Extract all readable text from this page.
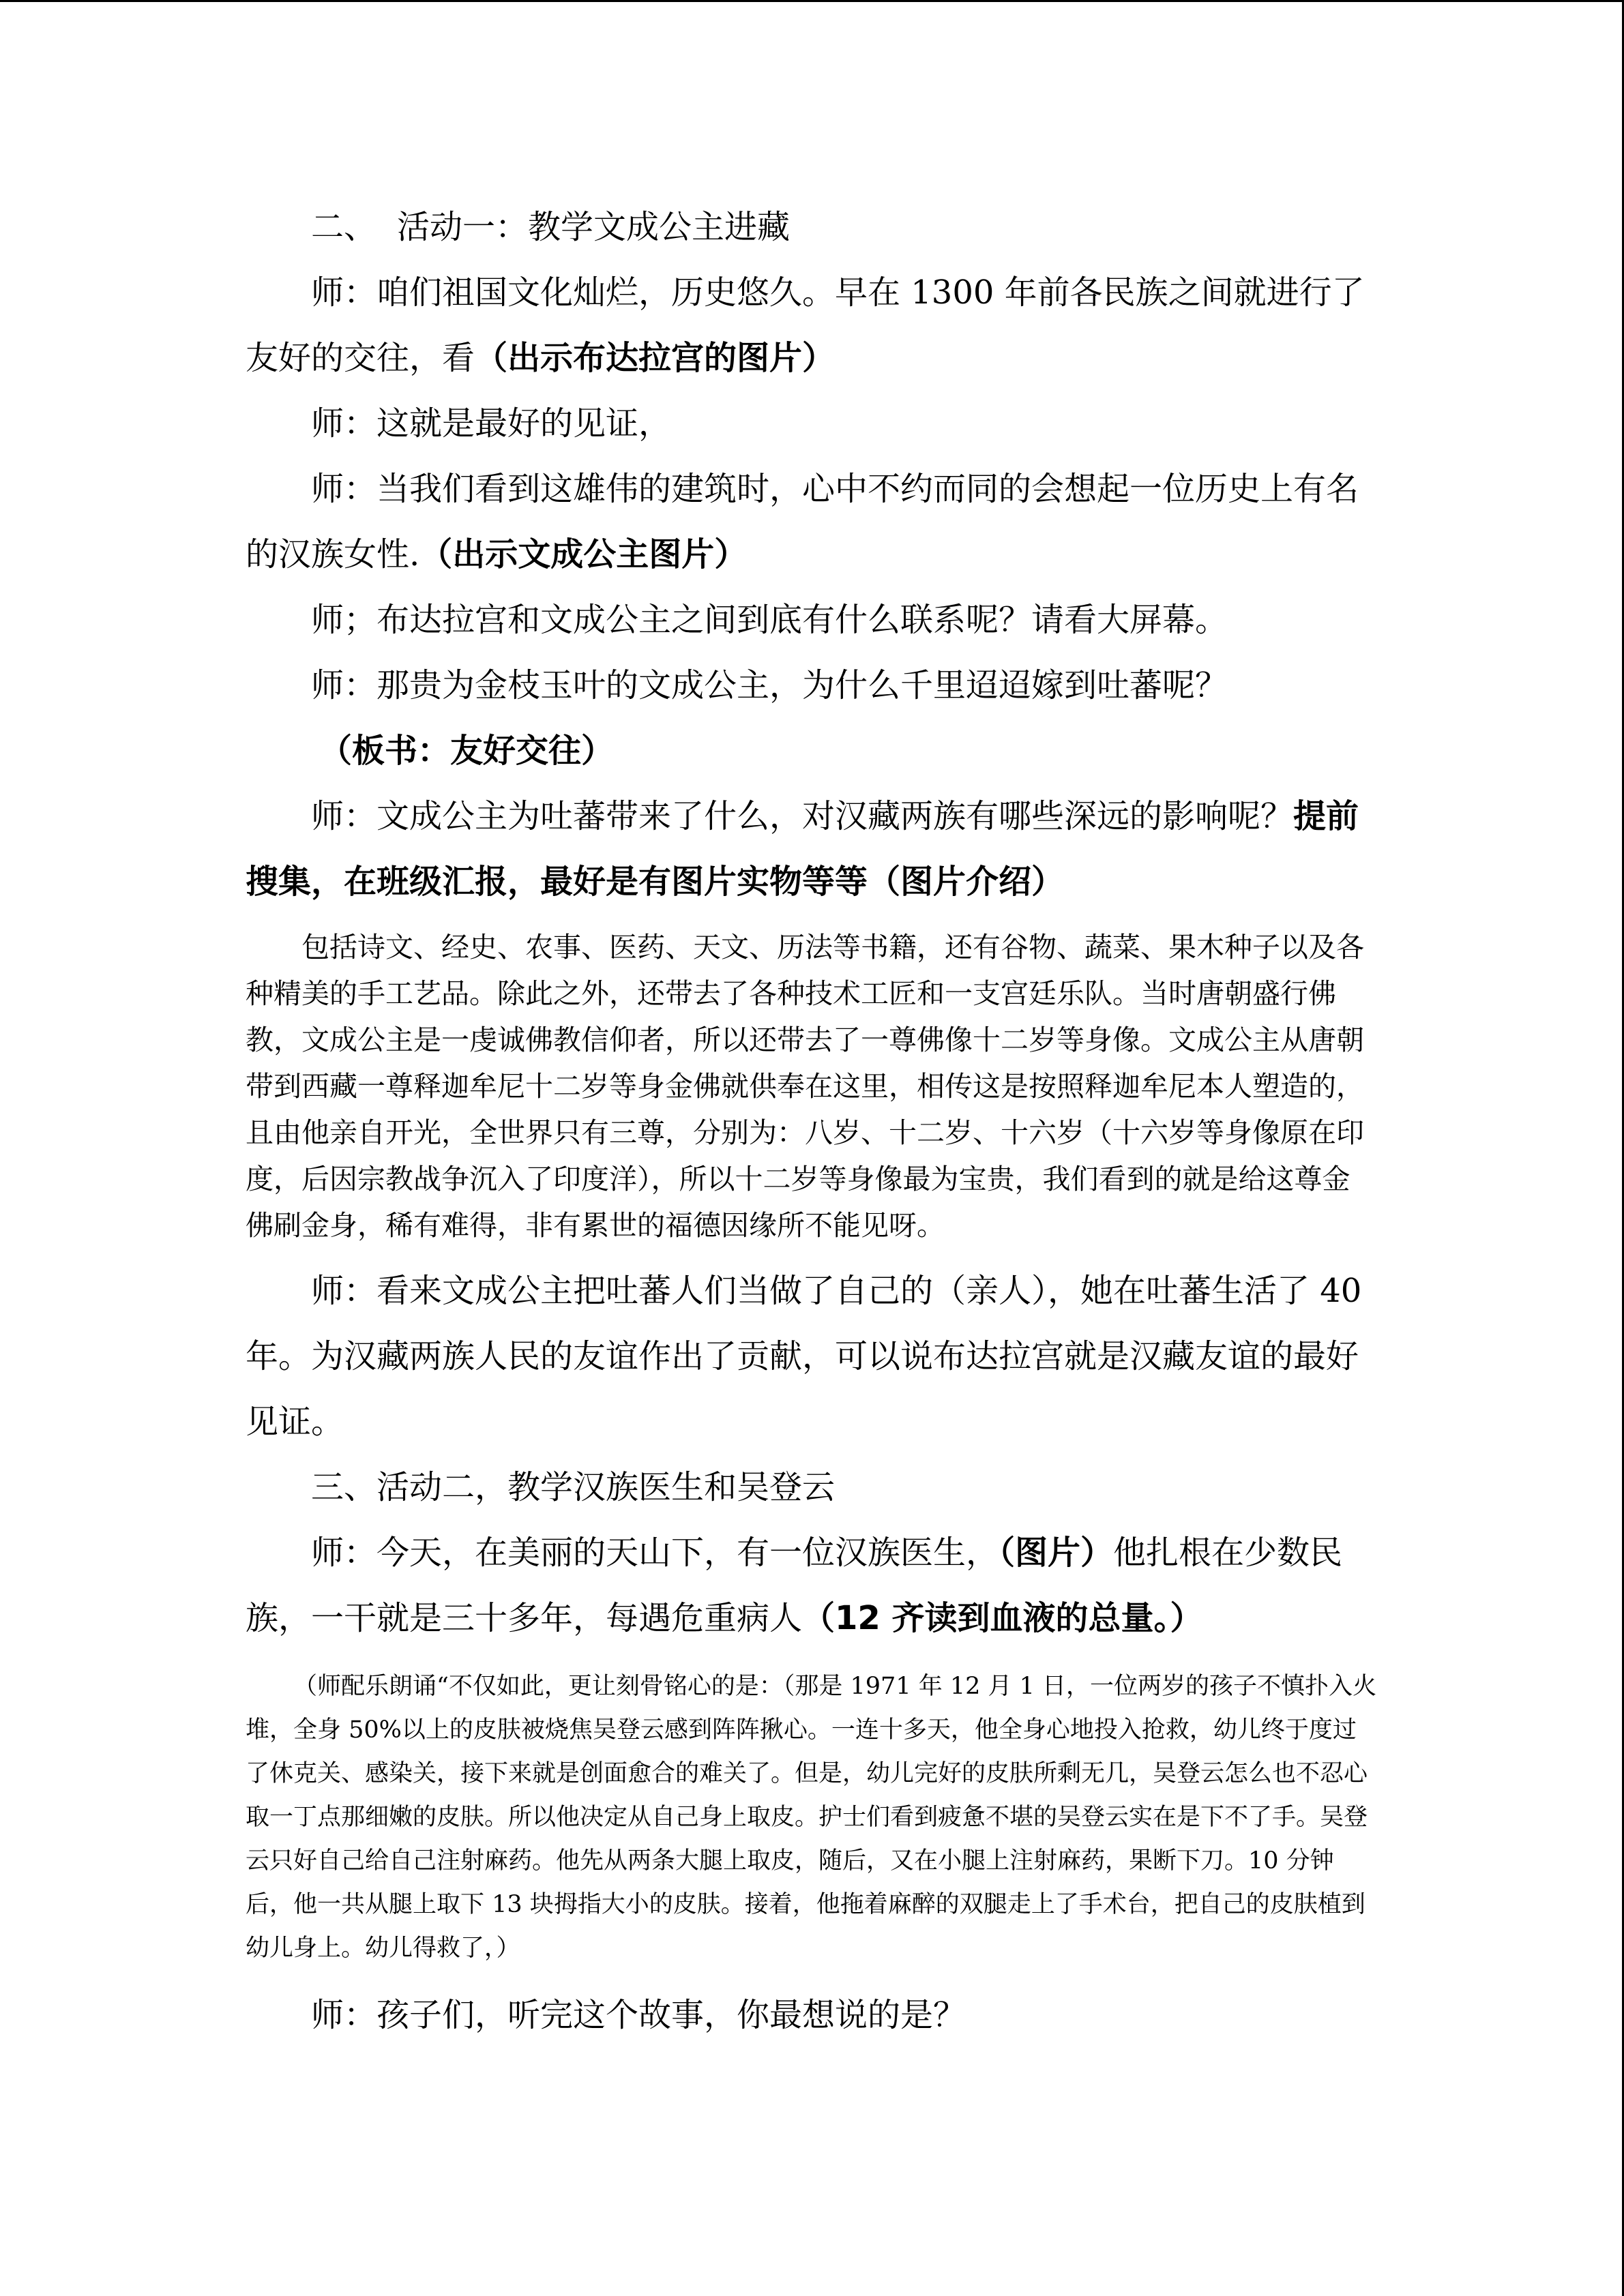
二、 活动一：教学文成公主进藏

师：咱们祖国文化灿烂，历史悠久。早在 1300 年前各民族之间就进行了友好的交往，看（出示布达拉宫的图片）

师：这就是最好的见证，

师：当我们看到这雄伟的建筑时，心中不约而同的会想起一位历史上有名的汉族女性.（出示文成公主图片）

师；布达拉宫和文成公主之间到底有什么联系呢？请看大屏幕。

师：那贵为金枝玉叶的文成公主，为什么千里迢迢嫁到吐蕃呢？

（板书：友好交往）

师：文成公主为吐蕃带来了什么，对汉藏两族有哪些深远的影响呢？提前搜集，在班级汇报，最好是有图片实物等等（图片介绍）

包括诗文、经史、农事、医药、天文、历法等书籍，还有谷物、蔬菜、果木种子以及各种精美的手工艺品。除此之外，还带去了各种技术工匠和一支宫廷乐队。当时唐朝盛行佛教，文成公主是一虔诚佛教信仰者，所以还带去了一尊佛像十二岁等身像。文成公主从唐朝带到西藏一尊释迦牟尼十二岁等身金佛就供奉在这里，相传这是按照释迦牟尼本人塑造的，且由他亲自开光，全世界只有三尊，分别为：八岁、十二岁、十六岁（十六岁等身像原在印度，后因宗教战争沉入了印度洋），所以十二岁等身像最为宝贵，我们看到的就是给这尊金佛刷金身，稀有难得，非有累世的福德因缘所不能见呀。

师：看来文成公主把吐蕃人们当做了自己的（亲人），她在吐蕃生活了 40 年。为汉藏两族人民的友谊作出了贡献，可以说布达拉宫就是汉藏友谊的最好见证。

三、活动二，教学汉族医生和吴登云

师：今天，在美丽的天山下，有一位汉族医生，（图片）他扎根在少数民族，一干就是三十多年，每遇危重病人（12 齐读到血液的总量。）

（师配乐朗诵“不仅如此，更让刻骨铭心的是：（那是 1971 年 12 月 1 日，一位两岁的孩子不慎扑入火堆，全身 50%以上的皮肤被烧焦吴登云感到阵阵揪心。一连十多天，他全身心地投入抢救，幼儿终于度过了休克关、感染关，接下来就是创面愈合的难关了。但是，幼儿完好的皮肤所剩无几，吴登云怎么也不忍心取一丁点那细嫩的皮肤。所以他决定从自己身上取皮。护士们看到疲惫不堪的吴登云实在是下不了手。吴登云只好自己给自己注射麻药。他先从两条大腿上取皮，随后，又在小腿上注射麻药，果断下刀。10 分钟后，他一共从腿上取下 13 块拇指大小的皮肤。接着，他拖着麻醉的双腿走上了手术台，把自己的皮肤植到幼儿身上。幼儿得救了，）

师：孩子们，听完这个故事，你最想说的是？
